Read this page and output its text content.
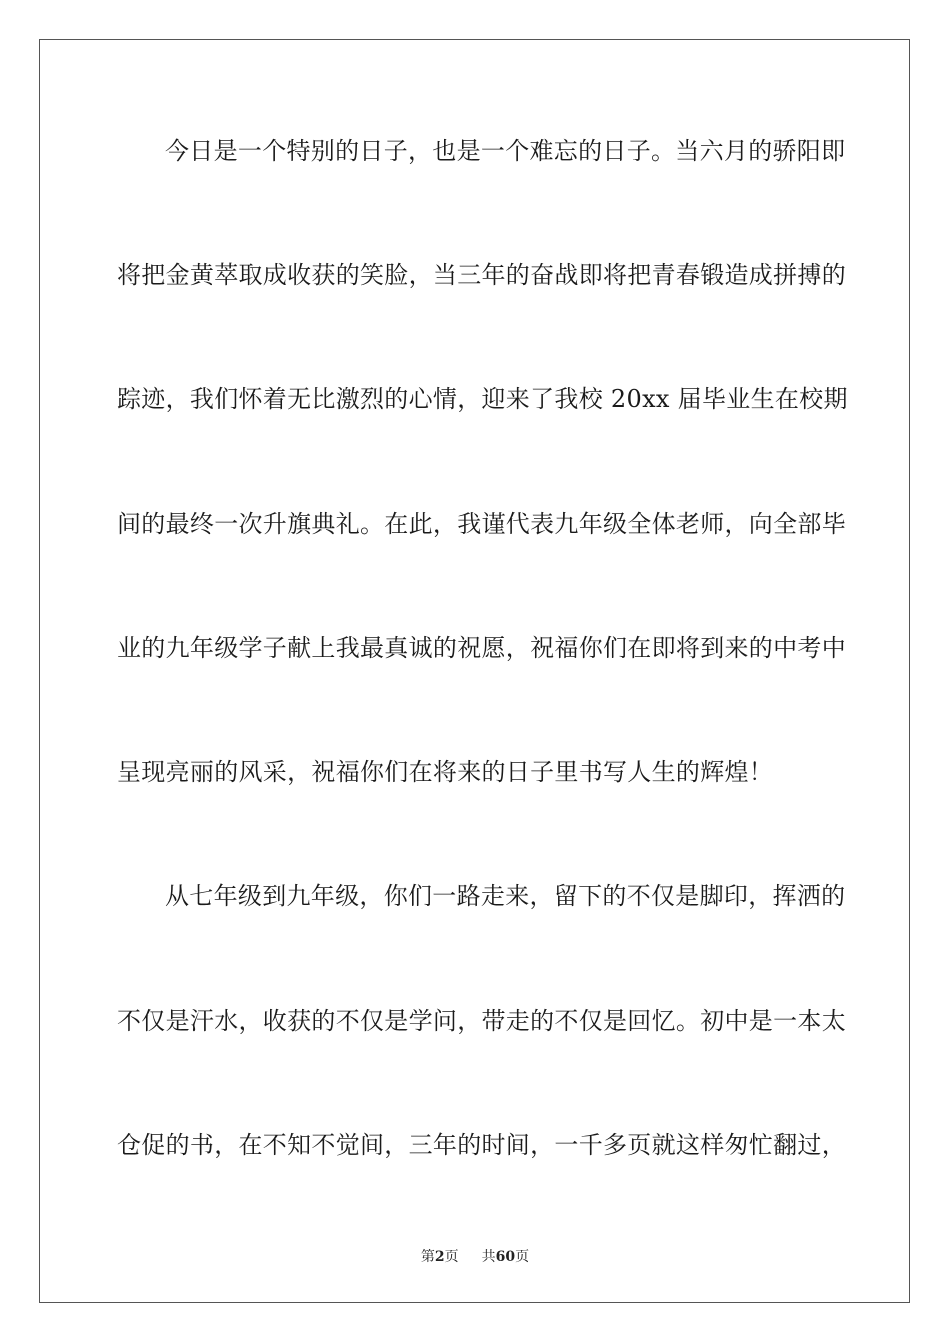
今日是一个特别的日子，也是一个难忘的日子。当六月的骄阳即
将把金黄萃取成收获的笑脸，当三年的奋战即将把青春锻造成拼搏的
踪迹，我们怀着无比激烈的心情，迎来了我校 20xx 届毕业生在校期
间的最终一次升旗典礼。在此，我谨代表九年级全体老师，向全部毕
业的九年级学子献上我最真诚的祝愿，祝福你们在即将到来的中考中
呈现亮丽的风采，祝福你们在将来的日子里书写人生的辉煌！
从七年级到九年级，你们一路走来，留下的不仅是脚印，挥洒的
不仅是汗水，收获的不仅是学问，带走的不仅是回忆。初中是一本太
仓促的书，在不知不觉间，三年的时间，一千多页就这样匆忙翻过，
第2页 共60页
